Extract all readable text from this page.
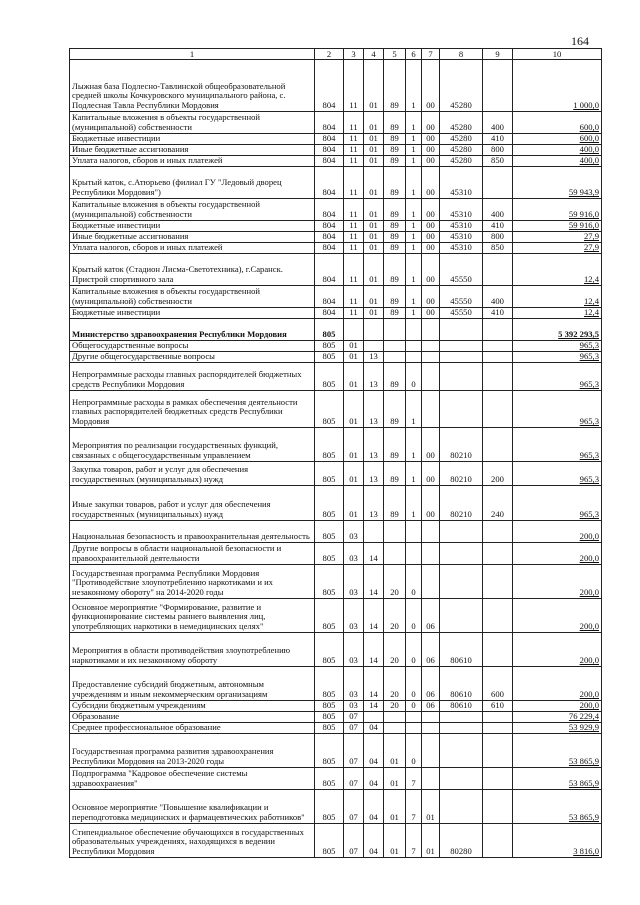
164
1	2	3	4	5	6	7	8	9	10
Лыжная база Подлесно-Тавлинской общеобразовательной средней школы Кочкуровского муниципального района, с. Подлесная Тавла Республики Мордовия	804	11	01	89	1	00	45280		1 000,0
Капитальные вложения в объекты государственной (муниципальной) собственности	804	11	01	89	1	00	45280	400	600,0
Бюджетные инвестиции	804	11	01	89	1	00	45280	410	600,0
Иные бюджетные ассигнования	804	11	01	89	1	00	45280	800	400,0
Уплата налогов, сборов и иных платежей	804	11	01	89	1	00	45280	850	400,0
Крытый каток, с.Атюрьево (филиал ГУ "Ледовый дворец Республики Мордовия")	804	11	01	89	1	00	45310		59 943,9
Капитальные вложения в объекты государственной (муниципальной) собственности	804	11	01	89	1	00	45310	400	59 916,0
Бюджетные инвестиции	804	11	01	89	1	00	45310	410	59 916,0
Иные бюджетные ассигнования	804	11	01	89	1	00	45310	800	27,9
Уплата налогов, сборов и иных платежей	804	11	01	89	1	00	45310	850	27,9
Крытый каток (Стадион Лисма-Светотехника), г.Саранск. Пристрой спортивного зала	804	11	01	89	1	00	45550		12,4
Капитальные вложения в объекты государственной (муниципальной) собственности	804	11	01	89	1	00	45550	400	12,4
Бюджетные инвестиции	804	11	01	89	1	00	45550	410	12,4
Министерство здравоохранения Республики Мордовия	805								5 392 293,5
Общегосударственные вопросы	805	01							965,3
Другие общегосударственные вопросы	805	01	13						965,3
Непрограммные расходы главных распорядителей бюджетных средств Республики Мордовия	805	01	13	89	0				965,3
Непрограммные расходы в рамках обеспечения деятельности главных распорядителей бюджетных средств Республики Мордовия	805	01	13	89	1				965,3
Мероприятия по реализации государственных функций, связанных с общегосударственным управлением	805	01	13	89	1	00	80210		965,3
Закупка товаров, работ и услуг для обеспечения государственных (муниципальных) нужд	805	01	13	89	1	00	80210	200	965,3
Иные закупки товаров, работ и услуг для обеспечения государственных (муниципальных) нужд	805	01	13	89	1	00	80210	240	965,3
Национальная безопасность и правоохранительная деятельность	805	03							200,0
Другие вопросы в области национальной безопасности и правоохранительной деятельности	805	03	14						200,0
Государственная программа Республики Мордовия "Противодействие злоупотреблению наркотиками и их незаконному обороту" на 2014-2020 годы	805	03	14	20	0				200,0
Основное мероприятие "Формирование, развитие и функционирование системы раннего выявления лиц, употребляющих наркотики в немедицинских целях"	805	03	14	20	0	06			200,0
Мероприятия в области противодействия злоупотреблению наркотиками и их незаконному обороту	805	03	14	20	0	06	80610		200,0
Предоставление субсидий бюджетным, автономным учреждениям и иным некоммерческим организациям	805	03	14	20	0	06	80610	600	200,0
Субсидии бюджетным учреждениям	805	03	14	20	0	06	80610	610	200,0
Образование	805	07							76 229,4
Среднее профессиональное образование	805	07	04						53 929,9
Государственная программа развития здравоохранения Республики Мордовия на 2013-2020 годы	805	07	04	01	0				53 865,9
Подпрограмма "Кадровое обеспечение системы здравоохранения"	805	07	04	01	7				53 865,9
Основное мероприятие "Повышение квалификации и переподготовка медицинских и фармацевтических работников"	805	07	04	01	7	01			53 865,9
Стипендиальное обеспечение обучающихся в государственных образовательных учреждениях, находящихся в ведении Республики Мордовия	805	07	04	01	7	01	80280		3 816,0
